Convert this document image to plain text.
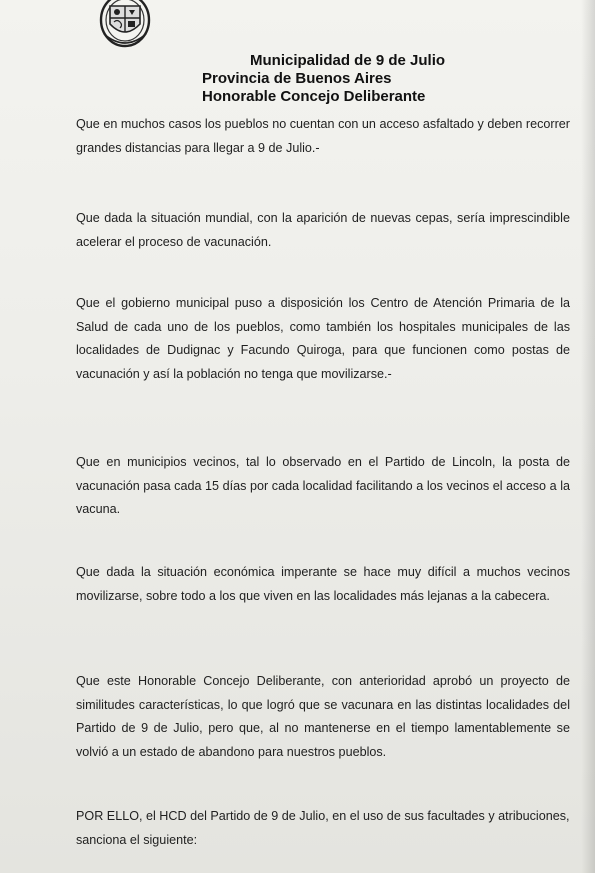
Municipalidad de 9 de Julio
Provincia de Buenos Aires
Honorable Concejo Deliberante
Que en muchos casos los pueblos no cuentan con un acceso asfaltado y deben recorrer grandes distancias para llegar a 9 de Julio.-
Que dada la situación mundial, con la aparición de nuevas cepas, sería imprescindible acelerar el proceso de vacunación.
Que el gobierno municipal puso a disposición los Centro de Atención Primaria de la Salud de cada uno de los pueblos, como también los hospitales municipales de las localidades de Dudignac y Facundo Quiroga, para que funcionen como postas de vacunación y así la población no tenga que movilizarse.-
Que en municipios vecinos, tal lo observado en el Partido de Lincoln, la posta de vacunación pasa cada 15 días por cada localidad facilitando a los vecinos el acceso a la vacuna.
Que dada la situación económica imperante se hace muy difícil a muchos vecinos movilizarse, sobre todo a los que viven en las localidades más lejanas a la cabecera.
Que este Honorable Concejo Deliberante, con anterioridad aprobó un proyecto de similitudes características, lo que logró que se vacunara en las distintas localidades del Partido de 9 de Julio, pero que, al no mantenerse en el tiempo lamentablemente se volvió a un estado de abandono para nuestros pueblos.
POR ELLO, el HCD del Partido de 9 de Julio, en el uso de sus facultades y atribuciones, sanciona el siguiente:
